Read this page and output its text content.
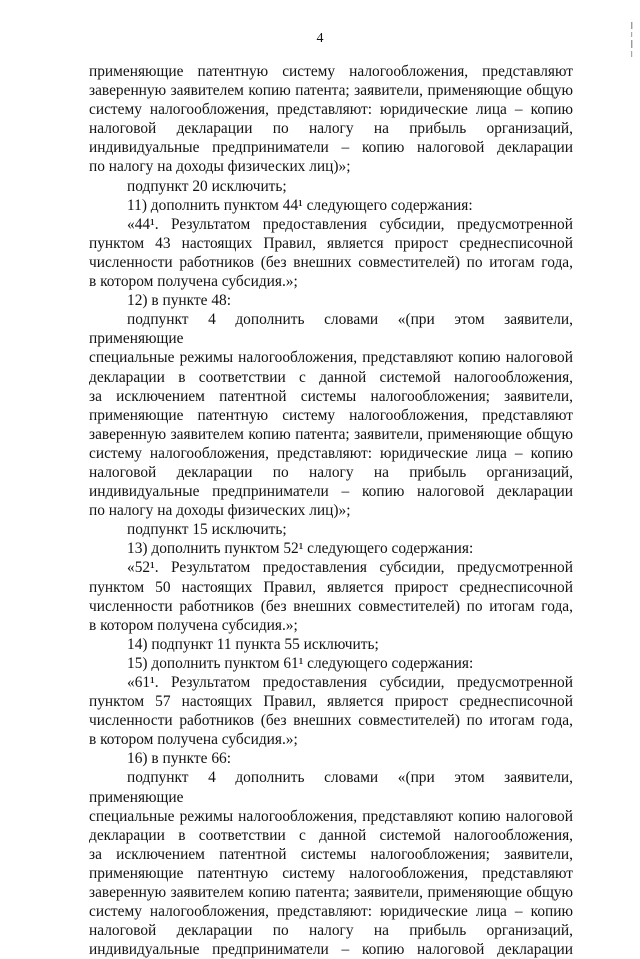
4

применяющие патентную систему налогообложения, представляют

заверенную заявителем копию патента; заявители, применяющие общую

систему налогообложения, представляют: юридические лица – копию

налоговой декларации по налогу на прибыль организаций,

индивидуальные предприниматели – копию налоговой декларации

по налогу на доходы физических лиц)»;

подпункт 20 исключить;

11) дополнить пунктом 44¹ следующего содержания:

«44¹. Результатом предоставления субсидии, предусмотренной

пунктом 43 настоящих Правил, является прирост среднесписочной

численности работников (без внешних совместителей) по итогам года,

в котором получена субсидия.»;

12) в пункте 48:

подпункт 4 дополнить словами «(при этом заявители, применяющие

специальные режимы налогообложения, представляют копию налоговой

декларации в соответствии с данной системой налогообложения,

за исключением патентной системы налогообложения; заявители,

применяющие патентную систему налогообложения, представляют

заверенную заявителем копию патента; заявители, применяющие общую

систему налогообложения, представляют: юридические лица – копию

налоговой декларации по налогу на прибыль организаций,

индивидуальные предприниматели – копию налоговой декларации

по налогу на доходы физических лиц)»;

подпункт 15 исключить;

13) дополнить пунктом 52¹ следующего содержания:

«52¹. Результатом предоставления субсидии, предусмотренной

пунктом 50 настоящих Правил, является прирост среднесписочной

численности работников (без внешних совместителей) по итогам года,

в котором получена субсидия.»;

14) подпункт 11 пункта 55 исключить;

15) дополнить пунктом 61¹ следующего содержания:

«61¹. Результатом предоставления субсидии, предусмотренной

пунктом 57 настоящих Правил, является прирост среднесписочной

численности работников (без внешних совместителей) по итогам года,

в котором получена субсидия.»;

16) в пункте 66:

подпункт 4 дополнить словами «(при этом заявители, применяющие

специальные режимы налогообложения, представляют копию налоговой

декларации в соответствии с данной системой налогообложения,

за исключением патентной системы налогообложения; заявители,

применяющие патентную систему налогообложения, представляют

заверенную заявителем копию патента; заявители, применяющие общую

систему налогообложения, представляют: юридические лица – копию

налоговой декларации по налогу на прибыль организаций,

индивидуальные предприниматели – копию налоговой декларации
